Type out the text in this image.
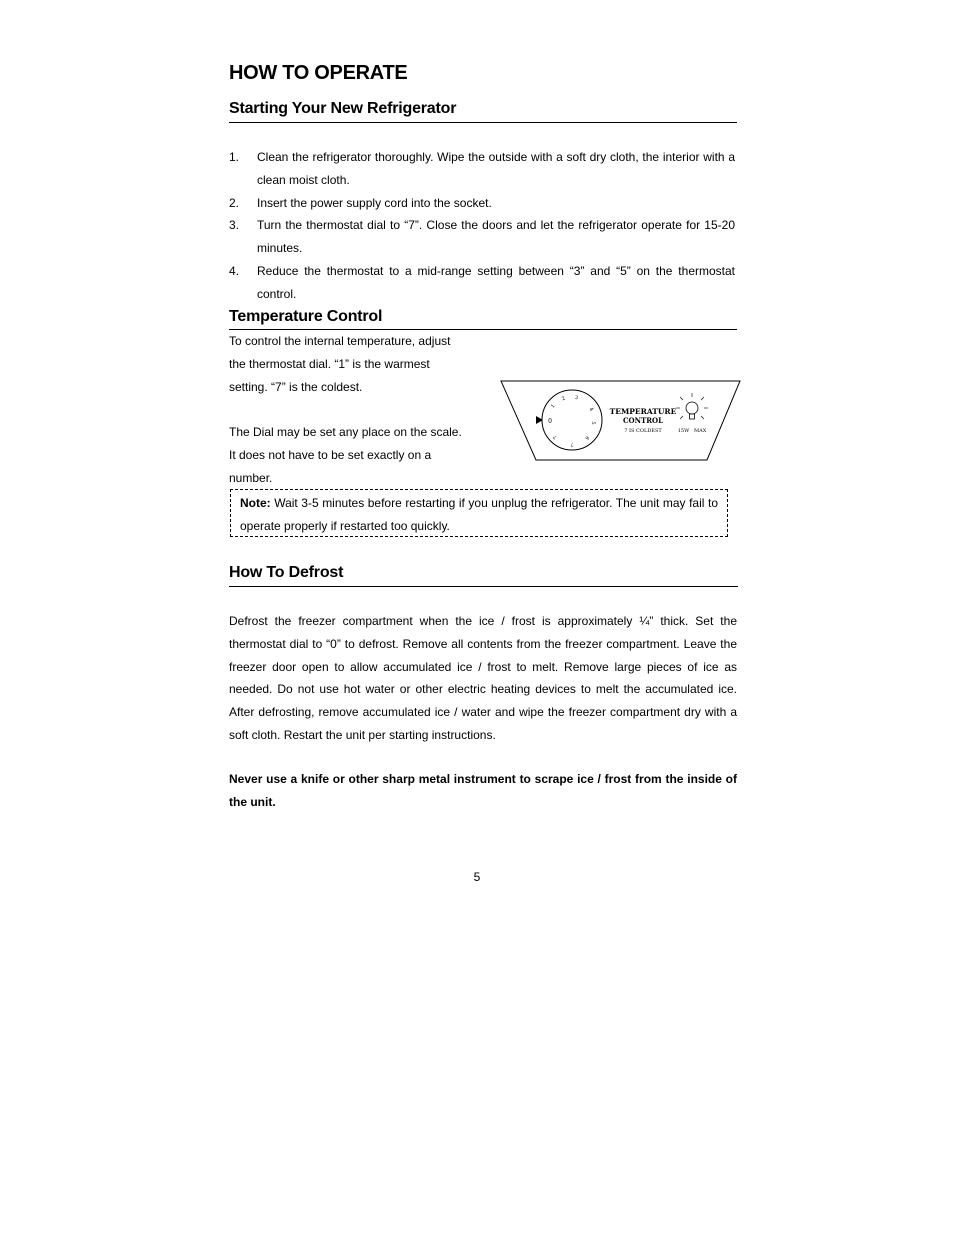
HOW TO OPERATE
Starting Your New Refrigerator
1. Clean the refrigerator thoroughly. Wipe the outside with a soft dry cloth, the interior with a clean moist cloth.
2. Insert the power supply cord into the socket.
3. Turn the thermostat dial to “7”. Close the doors and let the refrigerator operate for 15-20 minutes.
4. Reduce the thermostat to a mid-range setting between “3” and “5” on the thermostat control.
Temperature Control

To control the internal temperature, adjust the thermostat dial. “1” is the warmest setting. “7” is the coldest.

The Dial may be set any place on the scale. It does not have to be set exactly on a number.

0
1
2 3
4
5
6
7
7
TEMPERATURE
CONTROL
7 IS COLDEST	15W   MAX
Note: Wait 3-5 minutes before restarting if you unplug the refrigerator. The unit may fail to operate properly if restarted too quickly.
How To Defrost
Defrost the freezer compartment when the ice / frost is approximately ¼” thick. Set the thermostat dial to “0” to defrost. Remove all contents from the freezer compartment. Leave the freezer door open to allow accumulated ice / frost to melt. Remove large pieces of ice as needed. Do not use hot water or other electric heating devices to melt the accumulated ice. After defrosting, remove accumulated ice / water and wipe the freezer compartment dry with a soft cloth. Restart the unit per starting instructions.
Never use a knife or other sharp metal instrument to scrape ice / frost from the inside of the unit.
5
